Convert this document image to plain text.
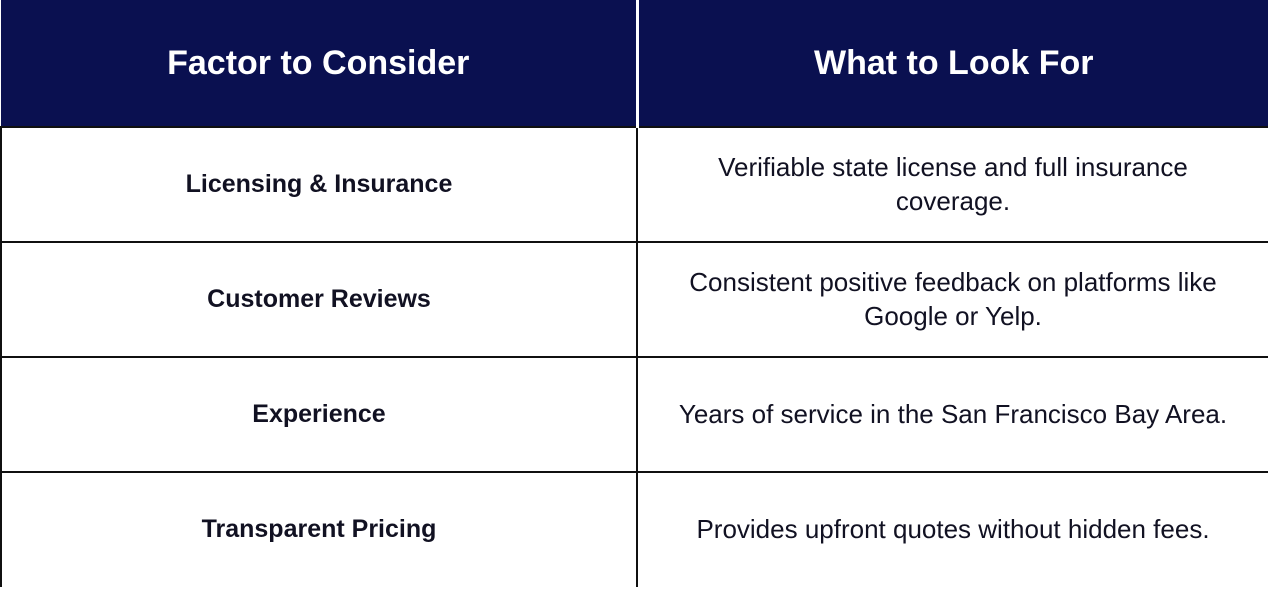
Factor to Consider	What to Look For
Licensing & Insurance	Verifiable state license and full insurance coverage.
Customer Reviews	Consistent positive feedback on platforms like Google or Yelp.
Experience	Years of service in the San Francisco Bay Area.
Transparent Pricing	Provides upfront quotes without hidden fees.
